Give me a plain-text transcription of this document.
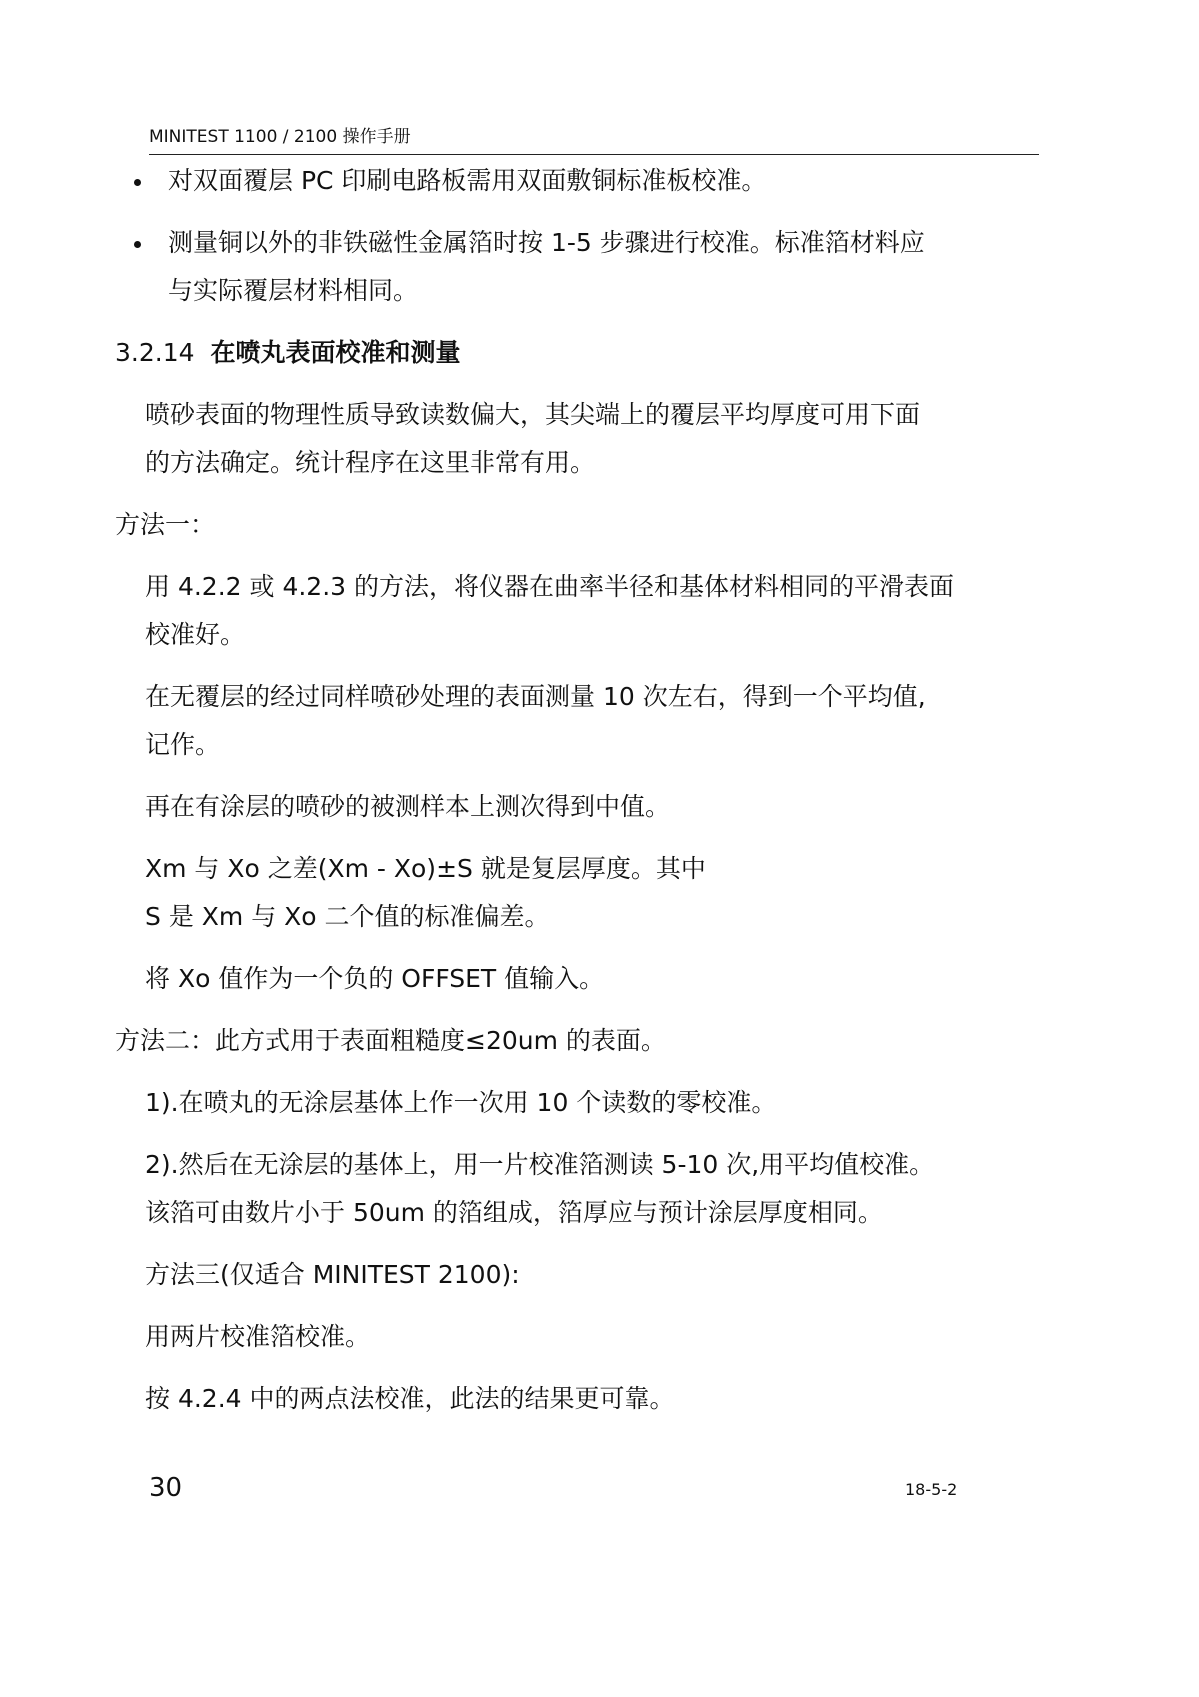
MINITEST 1100 / 2100 操作手册
对双面覆层 PC 印刷电路板需用双面敷铜标准板校准。
测量铜以外的非铁磁性金属箔时按 1-5 步骤进行校准。标准箔材料应
与实际覆层材料相同。
3.2.14 在喷丸表面校准和测量
喷砂表面的物理性质导致读数偏大，其尖端上的覆层平均厚度可用下面
的方法确定。统计程序在这里非常有用。
方法一：
用 4.2.2 或 4.2.3 的方法，将仪器在曲率半径和基体材料相同的平滑表面
校准好。
在无覆层的经过同样喷砂处理的表面测量 10 次左右，得到一个平均值,
记作。
再在有涂层的喷砂的被测样本上测次得到中值。
Xm 与 Xo 之差(Xm - Xo)±S 就是复层厚度。其中
S 是 Xm 与 Xo 二个值的标准偏差。
将 Xo 值作为一个负的 OFFSET 值输入。
方法二：此方式用于表面粗糙度≤20um 的表面。
1).在喷丸的无涂层基体上作一次用 10 个读数的零校准。
2).然后在无涂层的基体上，用一片校准箔测读 5-10 次,用平均值校准。
该箔可由数片小于 50um 的箔组成，箔厚应与预计涂层厚度相同。
方法三(仅适合 MINITEST 2100):
用两片校准箔校准。
按 4.2.4 中的两点法校准，此法的结果更可靠。
30	18-5-2
